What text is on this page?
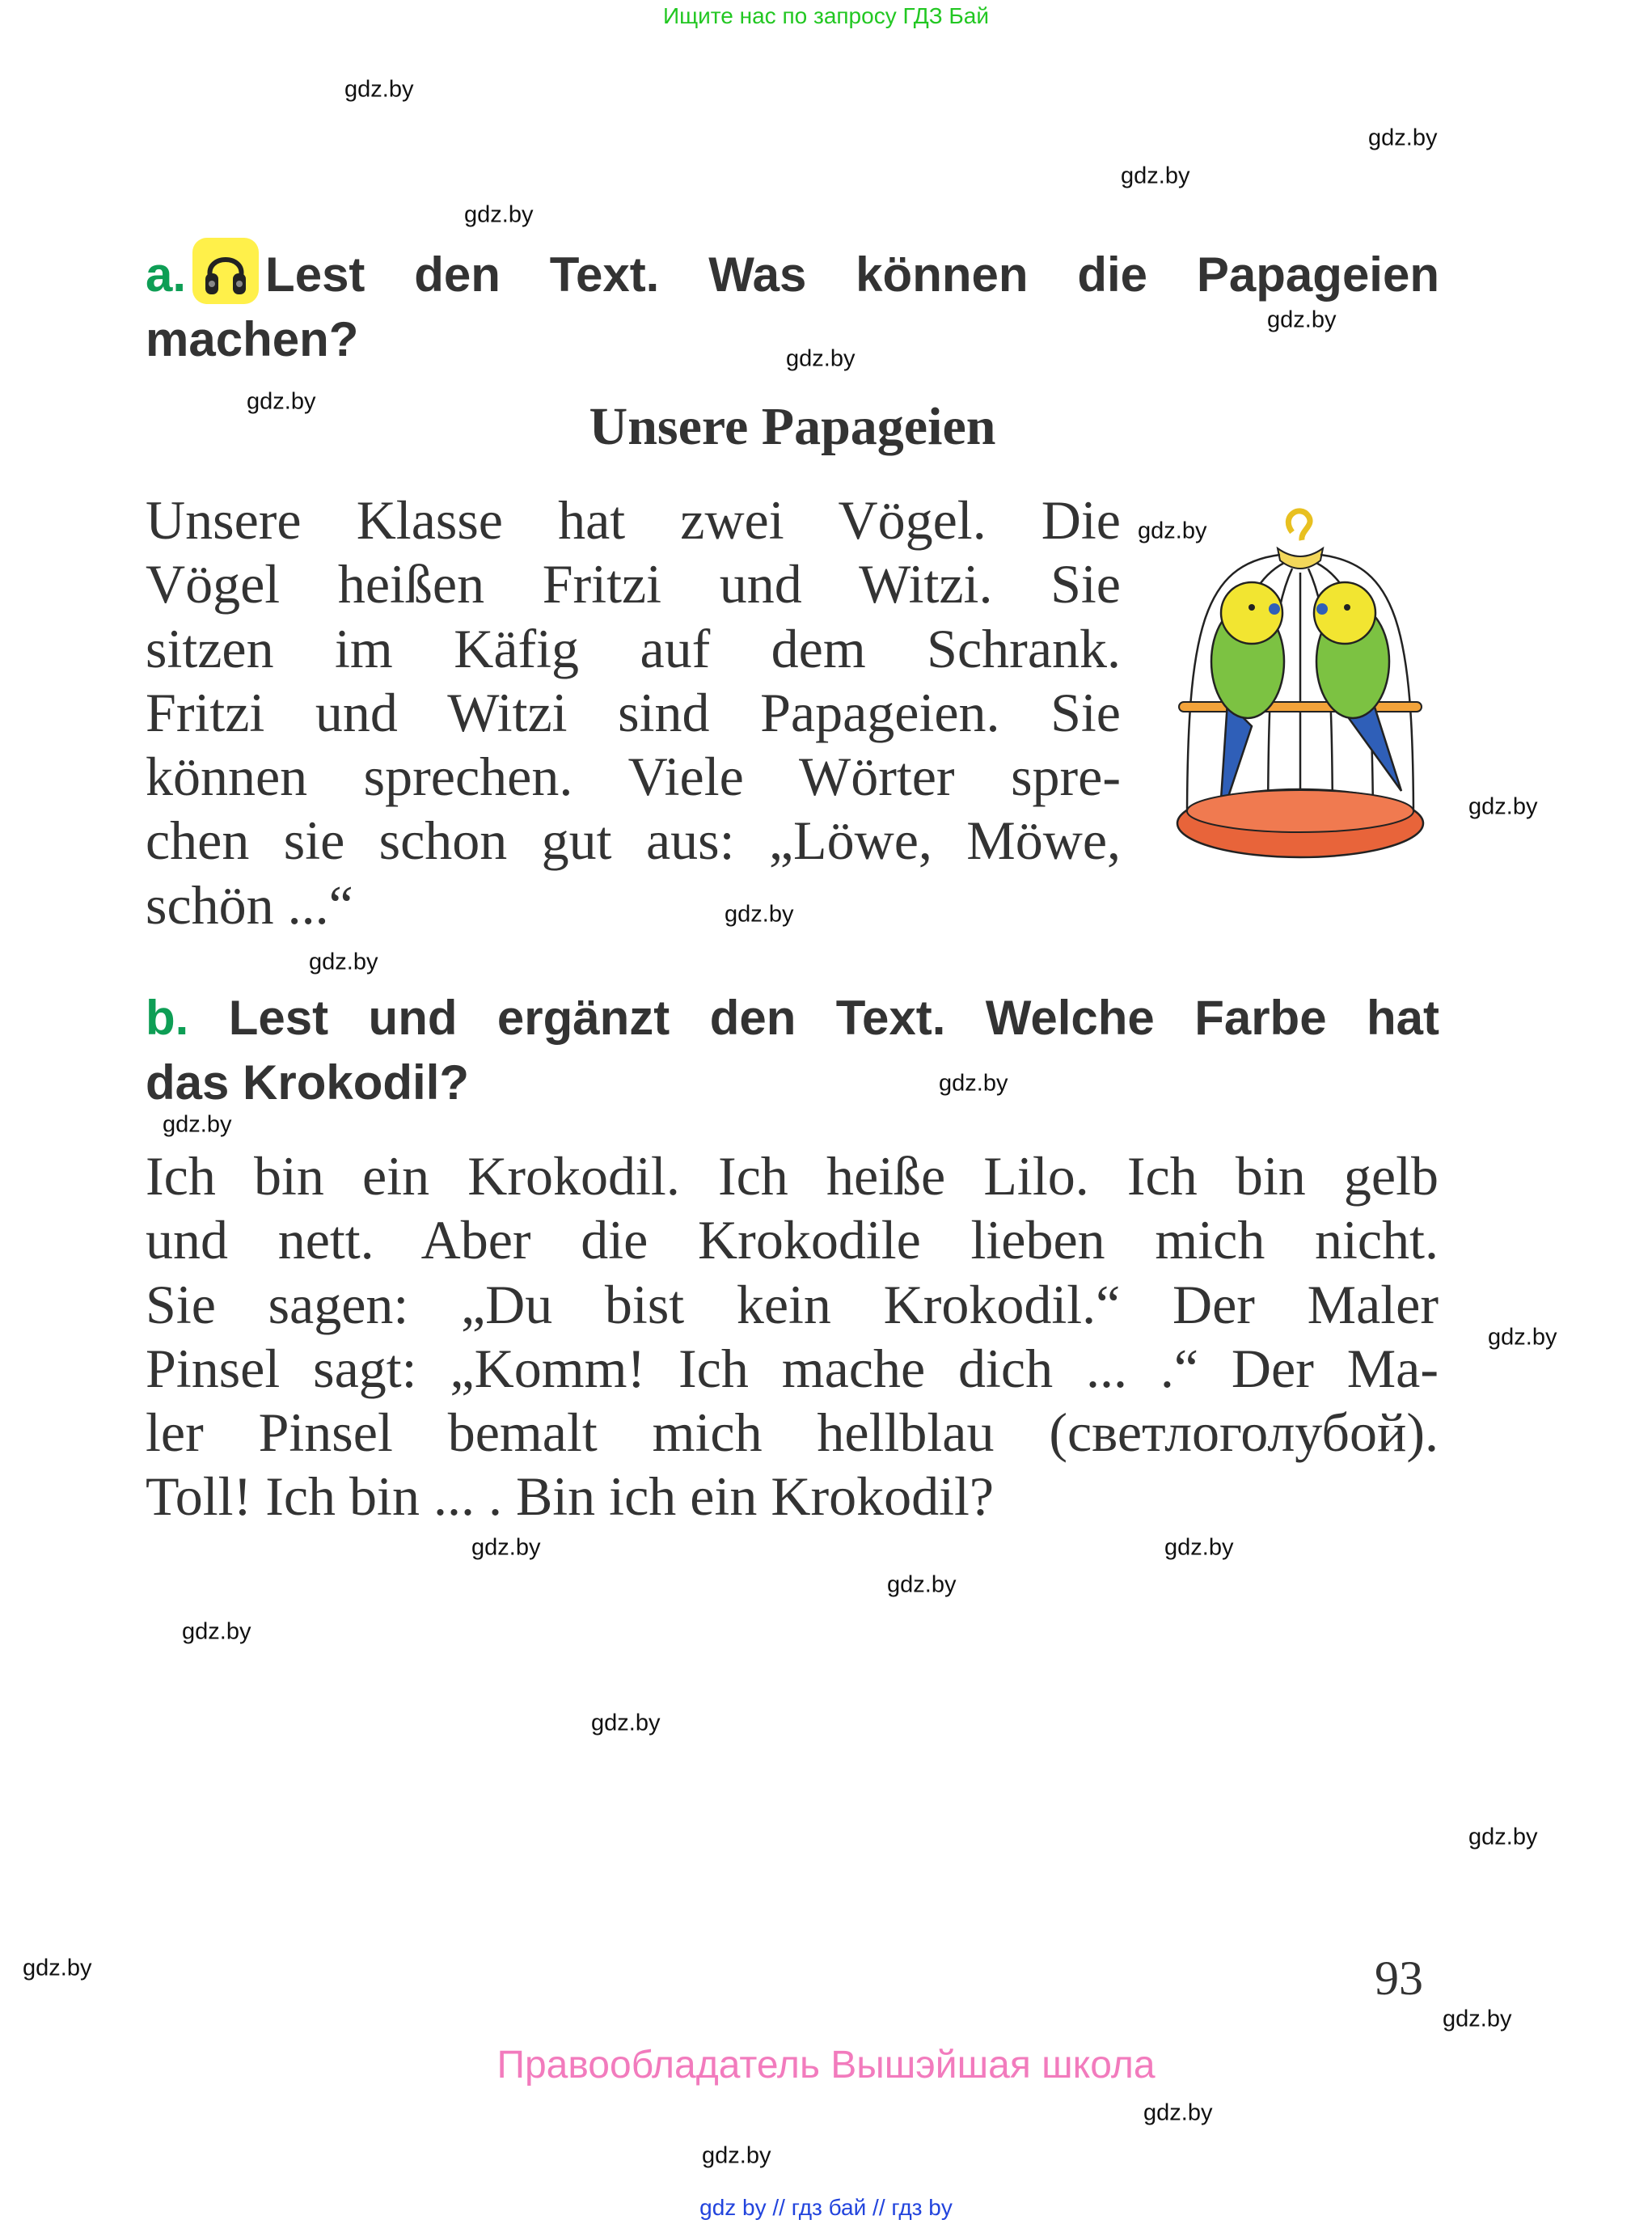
Ищите нас по запросу ГДЗ Бай
a. Lest den Text. Was können die Papageien
machen?
Unsere Papageien
Unsere Klasse hat zwei Vögel. Die
Vögel heißen Fritzi und Witzi. Sie
sitzen im Käfig auf dem Schrank.
Fritzi und Witzi sind Papageien. Sie
können sprechen. Viele Wörter spre-
chen sie schon gut aus: „Löwe, Möwe,
schön ...“
b. Lest und ergänzt den Text. Welche Farbe hat
das Krokodil?
Ich bin ein Krokodil. Ich heiße Lilo. Ich bin gelb
und nett. Aber die Krokodile lieben mich nicht.
Sie sagen: „Du bist kein Krokodil.“ Der Maler
Pinsel sagt: „Komm! Ich mache dich ... .“ Der Ma-
ler Pinsel bemalt mich hellblau (светлоголубой).
Toll! Ich bin ... . Bin ich ein Krokodil?
93
Правообладатель Вышэйшая школа
gdz by // гдз бай // гдз by
gdz.by
gdz.by
gdz.by
gdz.by
gdz.by
gdz.by
gdz.by
gdz.by
gdz.by
gdz.by
gdz.by
gdz.by
gdz.by
gdz.by
gdz.by	gdz.by
gdz.by
gdz.by
gdz.by
gdz.by
gdz.by
gdz.by
gdz.by
gdz.by
